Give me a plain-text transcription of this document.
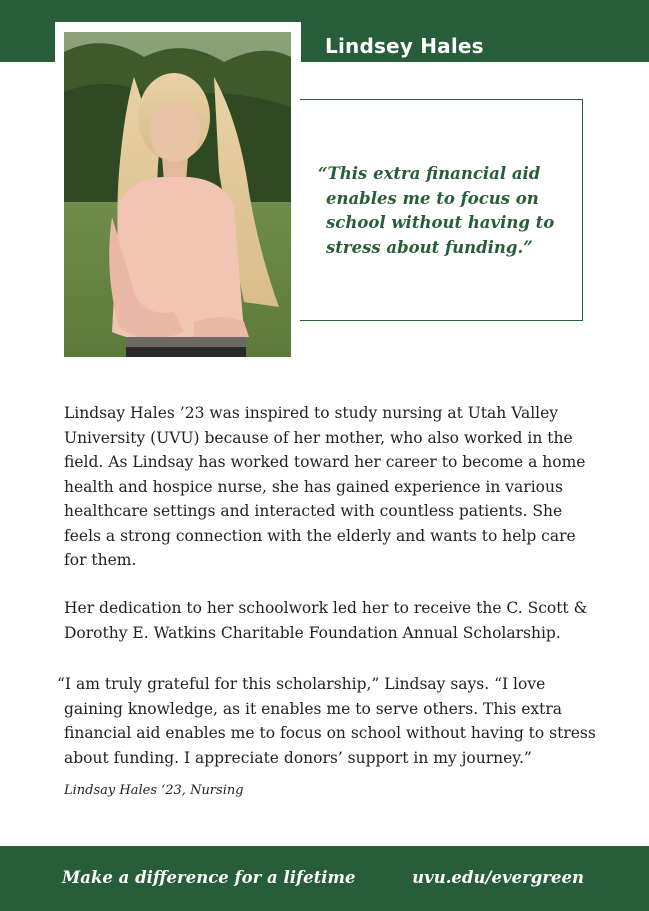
Lindsey Hales
“This extra financial aid enables me to focus on school without having to stress about funding.”
Lindsay Hales ’23 was inspired to study nursing at Utah Valley University (UVU) because of her mother, who also worked in the field. As Lindsay has worked toward her career to become a home health and hospice nurse, she has gained experience in various healthcare settings and interacted with countless patients. She feels a strong connection with the elderly and wants to help care for them.
Her dedication to her schoolwork led her to receive the C. Scott & Dorothy E. Watkins Charitable Foundation Annual Scholarship.
“I am truly grateful for this scholarship,” Lindsay says. “I love gaining knowledge, as it enables me to serve others. This extra financial aid enables me to focus on school without having to stress about funding. I appreciate donors’ support in my journey.”
Lindsay Hales ‘23, Nursing
Make a difference for a lifetime	uvu.edu/evergreen
